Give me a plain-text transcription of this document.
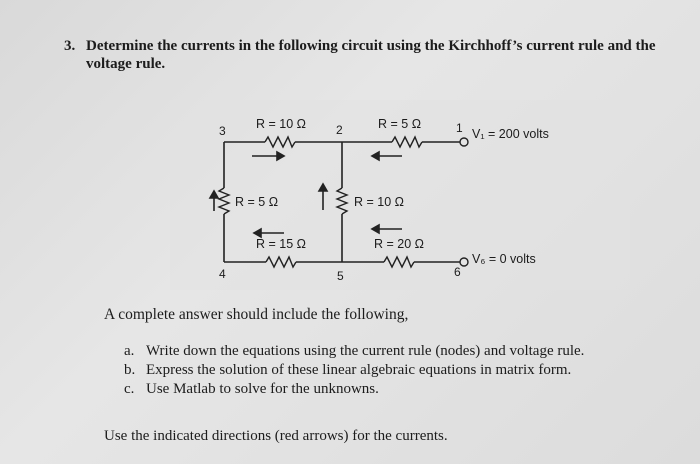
3. Determine the currents in the following circuit using the Kirchhoff’s current rule and the
voltage rule.
R = 10 Ω	R = 5 Ω
R = 5 Ω	R = 10 Ω
R = 15 Ω	R = 20 Ω
1
2
3
4	5	6
V₁ = 200 volts
V₆ = 0 volts
A complete answer should include the following,
a. Write down the equations using the current rule (nodes) and voltage rule.
b. Express the solution of these linear algebraic equations in matrix form.
c. Use Matlab to solve for the unknowns.
Use the indicated directions (red arrows) for the currents.
